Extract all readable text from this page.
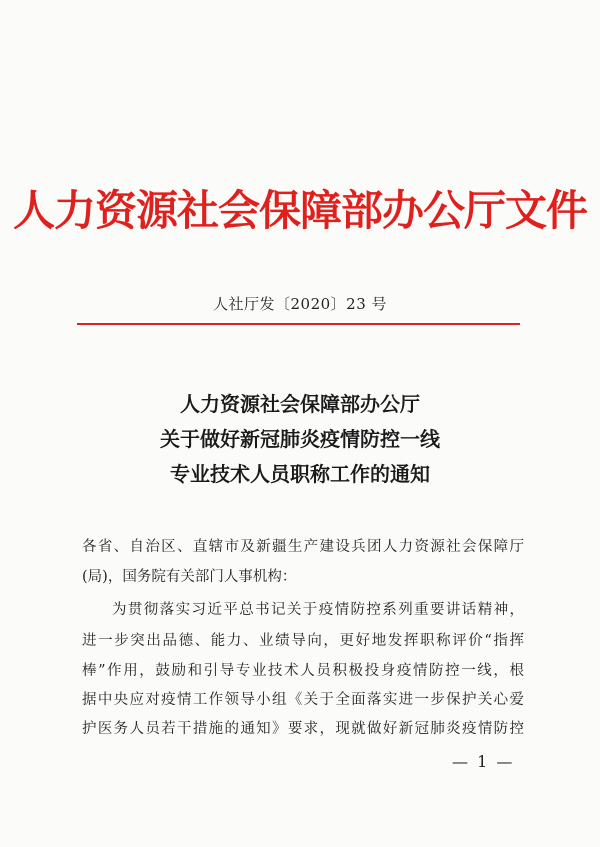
人力资源社会保障部办公厅文件
人社厅发〔2020〕23 号
人力资源社会保障部办公厅
关于做好新冠肺炎疫情防控一线
专业技术人员职称工作的通知
各省、自治区、直辖市及新疆生产建设兵团人力资源社会保障厅
(局)，国务院有关部门人事机构：
为贯彻落实习近平总书记关于疫情防控系列重要讲话精神，
进一步突出品德、能力、业绩导向，更好地发挥职称评价“指挥
棒”作用，鼓励和引导专业技术人员积极投身疫情防控一线，根
据中央应对疫情工作领导小组《关于全面落实进一步保护关心爱
护医务人员若干措施的通知》要求，现就做好新冠肺炎疫情防控
— 1 —
